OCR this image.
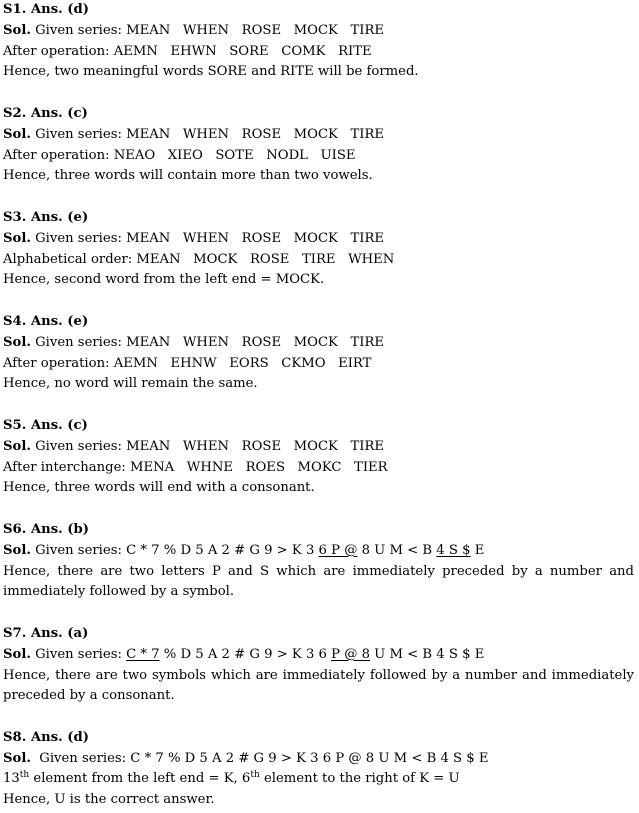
S1. Ans. (d)
Sol. Given series: MEAN   WHEN   ROSE   MOCK   TIRE
After operation: AEMN   EHWN   SORE   COMK   RITE
Hence, two meaningful words SORE and RITE will be formed.
S2. Ans. (c)
Sol. Given series: MEAN   WHEN   ROSE   MOCK   TIRE
After operation: NEAO   XIEO   SOTE   NODL   UISE
Hence, three words will contain more than two vowels.
S3. Ans. (e)
Sol. Given series: MEAN   WHEN   ROSE   MOCK   TIRE
Alphabetical order: MEAN   MOCK   ROSE   TIRE   WHEN
Hence, second word from the left end = MOCK.
S4. Ans. (e)
Sol. Given series: MEAN   WHEN   ROSE   MOCK   TIRE
After operation: AEMN   EHNW   EORS   CKMO   EIRT
Hence, no word will remain the same.
S5. Ans. (c)
Sol. Given series: MEAN   WHEN   ROSE   MOCK   TIRE
After interchange: MENA   WHNE   ROES   MOKC   TIER
Hence, three words will end with a consonant.
S6. Ans. (b)
Sol. Given series: C * 7 % D 5 A 2 # G 9 > K 3 6 P @ 8 U M < B 4 S $ E
Hence, there are two letters P and S which are immediately preceded by a number and immediately followed by a symbol.
S7. Ans. (a)
Sol. Given series: C * 7 % D 5 A 2 # G 9 > K 3 6 P @ 8 U M < B 4 S $ E
Hence, there are two symbols which are immediately followed by a number and immediately preceded by a consonant.
S8. Ans. (d)
Sol.  Given series: C * 7 % D 5 A 2 # G 9 > K 3 6 P @ 8 U M < B 4 S $ E
13th element from the left end = K, 6th element to the right of K = U
Hence, U is the correct answer.
